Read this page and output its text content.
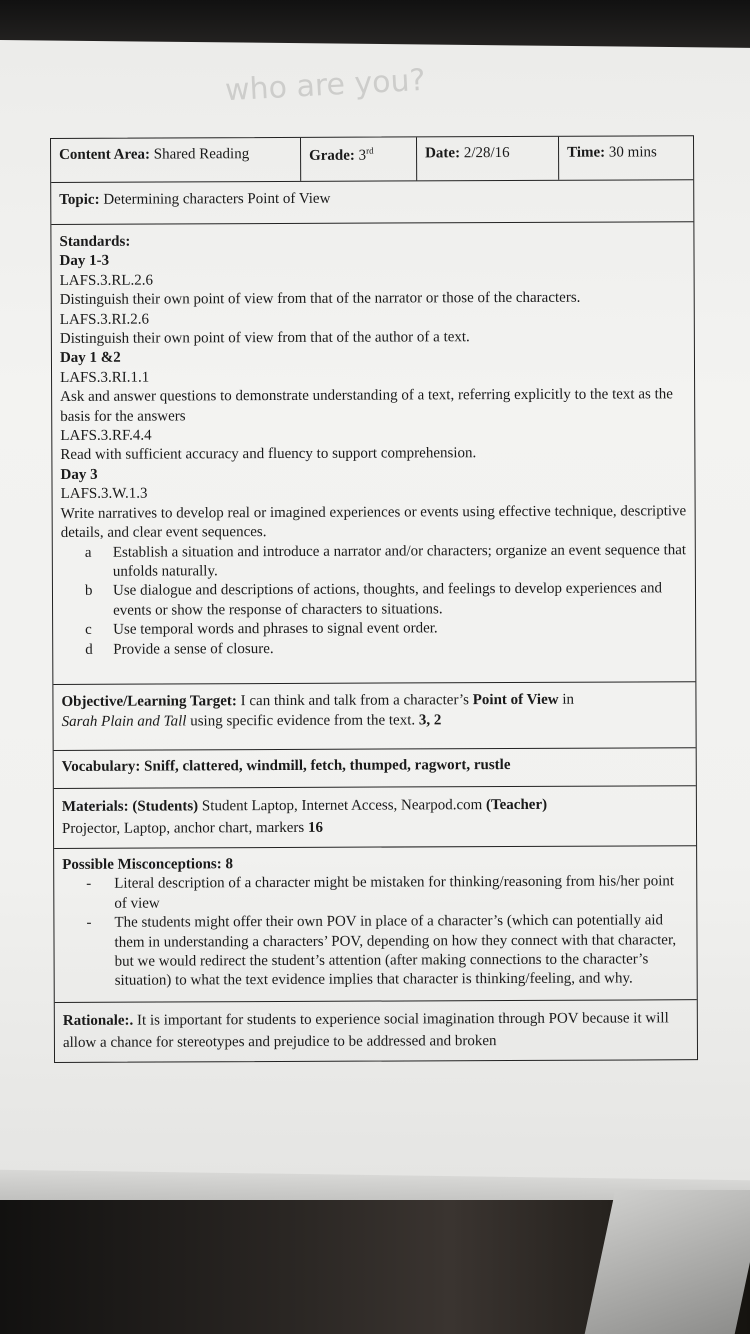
who are you?
Content Area: Shared Reading	Grade: 3rd	Date: 2/28/16	Time: 30 mins
Topic: Determining characters Point of View
Standards:
Day 1-3
LAFS.3.RL.2.6
Distinguish their own point of view from that of the narrator or those of the characters.
LAFS.3.RI.2.6
Distinguish their own point of view from that of the author of a text.
Day 1 &2
LAFS.3.RI.1.1
Ask and answer questions to demonstrate understanding of a text, referring explicitly to the text as the basis for the answers
LAFS.3.RF.4.4
Read with sufficient accuracy and fluency to support comprehension.
Day 3
LAFS.3.W.1.3
Write narratives to develop real or imagined experiences or events using effective technique, descriptive details, and clear event sequences.
a	Establish a situation and introduce a narrator and/or characters; organize an event sequence that unfolds naturally.
b	Use dialogue and descriptions of actions, thoughts, and feelings to develop experiences and events or show the response of characters to situations.
c	Use temporal words and phrases to signal event order.
d	Provide a sense of closure.
Objective/Learning Target: I can think and talk from a character’s Point of View in
Sarah Plain and Tall using specific evidence from the text. 3, 2
Vocabulary: Sniff, clattered, windmill, fetch, thumped, ragwort, rustle
Materials: (Students) Student Laptop, Internet Access, Nearpod.com (Teacher)
Projector, Laptop, anchor chart, markers 16
Possible Misconceptions: 8
-	Literal description of a character might be mistaken for thinking/reasoning from his/her point of view
-	The students might offer their own POV in place of a character’s (which can potentially aid them in understanding a characters’ POV, depending on how they connect with that character, but we would redirect the student’s attention (after making connections to the character’s situation) to what the text evidence implies that character is thinking/feeling, and why.
Rationale:. It is important for students to experience social imagination through POV because it will allow a chance for stereotypes and prejudice to be addressed and broken
